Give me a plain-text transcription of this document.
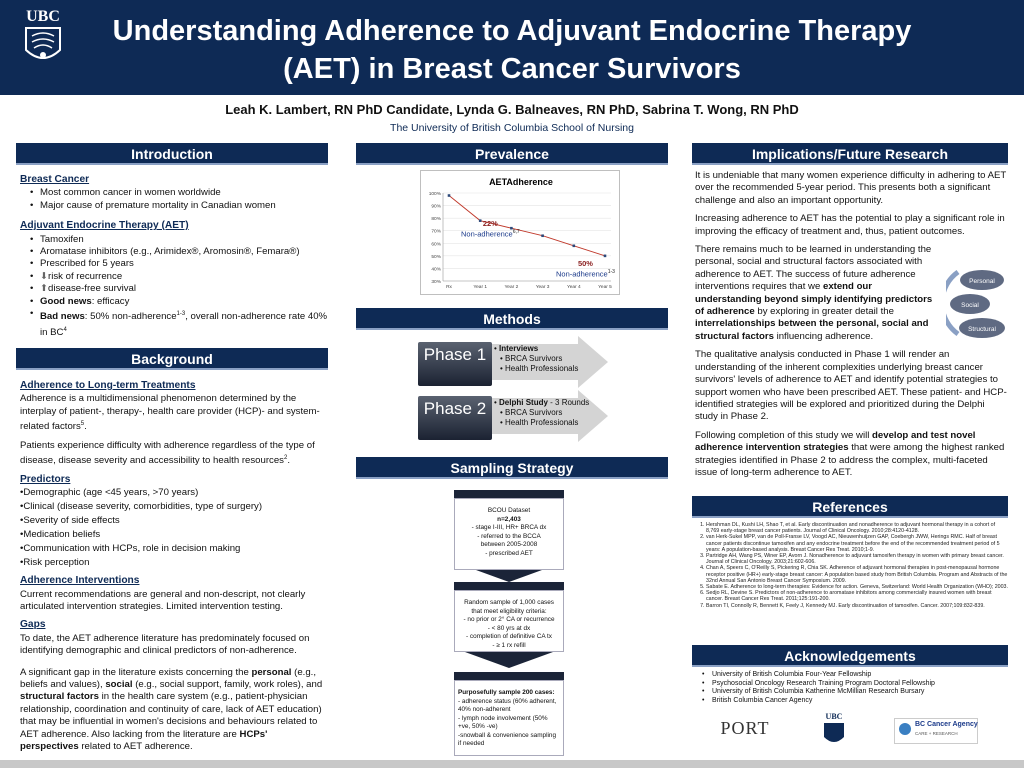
UBC	Understanding Adherence to Adjuvant Endocrine Therapy
(AET) in Breast Cancer Survivors
Leah K. Lambert, RN PhD Candidate, Lynda G. Balneaves, RN PhD, Sabrina T. Wong, RN PhD
The University of British Columbia School of Nursing
Introduction
Breast Cancer
• Most common cancer in women worldwide
• Major cause of premature mortality in Canadian women
Adjuvant Endocrine Therapy (AET)
• Tamoxifen
• Aromatase inhibitors (e.g., Arimidex®, Aromosin®, Femara®)
• Prescribed for 5 years
• ⬇risk of recurrence
• ⬆disease-free survival
• Good news: efficacy
• Bad news: 50% non-adherence$^{1-3}$, overall non-adherence rate 40% in $BC^4$
Background
Adherence to Long-term Treatments

Adherence is a multidimensional phenomenon determined by the interplay of patient-, therapy-, health care provider (HCP)- and system-related factors$^5$.

Patients experience difficulty with adherence regardless of the type of disease, disease severity and accessibility to health resources$^2$.

Predictors
•Demographic (age <45 years, >70 years)
•Clinical (disease severity, comorbidities, type of surgery)
•Severity of side effects
•Medication beliefs
•Communication with HCPs, role in decision making
•Risk perception
Adherence Interventions

Current recommendations are general and non-descript, not clearly articulated intervention strategies. Limited intervention testing.

Gaps

To date, the AET adherence literature has predominately focused on identifying demographic and clinical predictors of non-adherence.

A significant gap in the literature exists concerning the personal (e.g., beliefs and values), social (e.g., social support, family, work roles), and structural factors in the health care system (e.g., patient-physician relationship, coordination and continuity of care, lack of AET education) that may be influential in women's decisions and behaviours related to AET adherence. Also lacking from the literature are HCPs' perspectives related to AET adherence.

Prevalence
AETAdherence
100%
90%
80%
70%
60%
50%
40%
30%
Rx	Year 1	Year 2	Year 3	Year 4	Year 5
22%
Non-adherence$^{6,7}$
50%
Non-adherence$^{1-3}$
Methods
Phase 1 • Interviews
• BRCA Survivors
• Health Professionals
Phase 2 • Delphi Study - 3 Rounds
• BRCA Survivors
• Health Professionals
Sampling Strategy
BCOU Dataset
n=2,403
- stage I-III, HR+ BRCA dx
- referred to the BCCA
between 2005-2008
- prescribed AET
Random sample of 1,000 cases
that meet eligibility criteria:
- no prior or 2° CA or recurrence
- < 80 yrs at dx
- completion of definitive CA tx
- ≥ 1 rx refill
Purposefully sample 200 cases:
- adherence status (60% adherent, 40% non-adherent
- lymph node involvement (50% +ve, 50% -ve)
-snowball & convenience sampling if needed
Implications/Future Research

It is undeniable that many women experience difficulty in adhering to AET over the recommended 5-year period. This presents both a significant challenge and also an important opportunity.

Increasing adherence to AET has the potential to play a significant role in improving the efficacy of treatment and, thus, patient outcomes.

There remains much to be learned in understanding the personal, social and structural factors associated with adherence to AET. The success of future adherence interventions requires that we extend our understanding beyond simply identifying predictors of adherence by exploring in greater detail the interrelationships between the personal, social and structural factors influencing adherence.

The qualitative analysis conducted in Phase 1 will render an understanding of the inherent complexities underlying breast cancer survivors' levels of adherence to AET and identify potential strategies to support women who have been prescribed AET. These patient- and HCP-identified strategies will be explored and prioritized during the Delphi study in Phase 2.

Following completion of this study we will develop and test novel adherence intervention strategies that were among the highest ranked strategies identified in Phase 2 to address the complex, multi-faceted issue of long-term adherence to AET.

Personal
Social
Structural
References
1. Hershman DL, Kushi LH, Shao T, et al. Early discontinuation and nonadherence to adjuvant hormonal therapy in a cohort of 8,769 early-stage breast cancer patients. Journal of Clinical Oncology. 2010;28:4120-4128.
2. van Herk-Sukel MPP, van de Poll-Franse LV, Voogd AC, Nieuwenhuijzen GAP, Coebergh JWW, Herings RMC. Half of breast cancer patients discontinue tamoxifen and any endocrine treatment before the end of the recommended treatment period of 5 years: A population-based analysis. Breast Cancer Res Treat. 2010;1-9.
3. Partridge AH, Wang PS, Winer EP, Avorn J. Nonadherence to adjuvant tamoxifen therapy in women with primary breast cancer. Journal of Clinical Oncology. 2003;21:602-606.
4. Chan A, Speers C, O'Reilly S, Pickering R, Chia SK. Adherence of adjuvant hormonal therapies in post-menopausal hormone receptor positive (HR+) early-stage breast cancer: A population based study from British Columbia. Program and Abstracts of the 32nd Annual San Antonio Breast Cancer Symposium. 2009.
5. Sabate E. Adherence to long-term therapies: Evidence for action. Geneva, Switzerland: World Health Organization (WHO); 2003.
6. Sedjo RL, Devine S. Predictors of non-adherence to aromatase inhibitors among commercially insured women with breast cancer. Breast Cancer Res Treat. 2011;125:191-200.
7. Barron TI, Connolly R, Bennett K, Feely J, Kennedy MJ. Early discontinuation of tamoxifen. Cancer. 2007;109:832-839.
Acknowledgements
• University of British Columbia Four-Year Fellowship
• Psychosocial Oncology Research Training Program Doctoral Fellowship
• University of British Columbia Katherine McMillian Research Bursary
• British Columbia Cancer Agency
PORT
UBC
BC Cancer Agency
CARE + RESEARCH
